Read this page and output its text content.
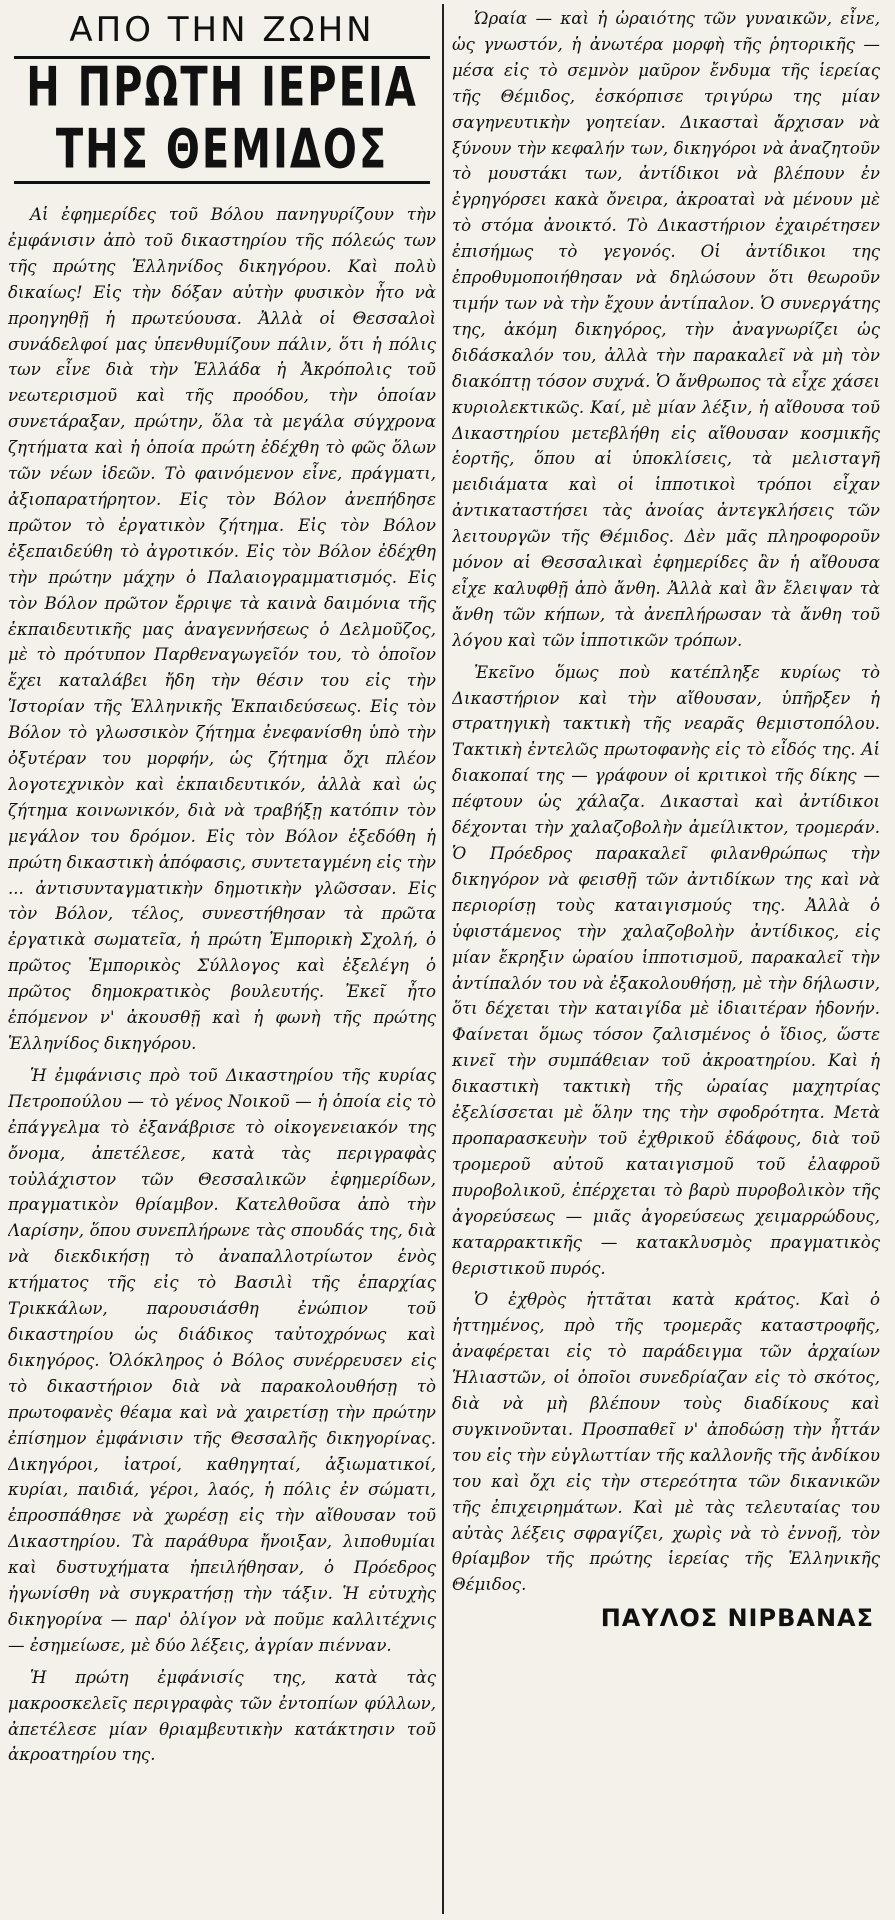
ΑΠΟ ΤΗΝ ΖΩΗΝ
Η ΠΡΩΤΗ ΙΕΡΕΙΑ ΤΗΣ ΘΕΜΙΔΟΣ

Αἱ ἐφημερίδες τοῦ Βόλου πανηγυρίζουν τὴν ἐμφάνισιν ἀπὸ τοῦ δικαστηρίου τῆς πόλεώς των τῆς πρώτης Ἑλληνίδος δικηγόρου. Καὶ πολὺ δικαίως! Εἰς τὴν δόξαν αὐτὴν φυσικὸν ἦτο νὰ προηγηθῇ ἡ πρωτεύουσα. Ἀλλὰ οἱ Θεσσαλοὶ συνάδελφοί μας ὑπενθυμίζουν πάλιν, ὅτι ἡ πόλις των εἶνε διὰ τὴν Ἑλλάδα ἡ Ἀκρόπολις τοῦ νεωτερισμοῦ καὶ τῆς προόδου, τὴν ὁποίαν συνετάραξαν, πρώτην, ὅλα τὰ μεγάλα σύγχρονα ζητήματα καὶ ἡ ὁποία πρώτη ἐδέχθη τὸ φῶς ὅλων τῶν νέων ἰδεῶν. Τὸ φαινόμενον εἶνε, πράγματι, ἀξιοπαρατήρητον. Εἰς τὸν Βόλον ἀνεπήδησε πρῶτον τὸ ἐργατικὸν ζήτημα. Εἰς τὸν Βόλον ἐξεπαιδεύθη τὸ ἀγροτικόν. Εἰς τὸν Βόλον ἐδέχθη τὴν πρώτην μάχην ὁ Παλαιογραμματισμός. Εἰς τὸν Βόλον πρῶτον ἔρριψε τὰ καινὰ δαιμόνια τῆς ἐκπαιδευτικῆς μας ἀναγεννήσεως ὁ Δελμοῦζος, μὲ τὸ πρότυπον Παρθεναγωγεῖόν του, τὸ ὁποῖον ἔχει καταλάβει ἤδη τὴν θέσιν του εἰς τὴν Ἱστορίαν τῆς Ἑλληνικῆς Ἐκπαιδεύσεως. Εἰς τὸν Βόλον τὸ γλωσσικὸν ζήτημα ἐνεφανίσθη ὑπὸ τὴν ὀξυτέραν του μορφήν, ὡς ζήτημα ὄχι πλέον λογοτεχνικὸν καὶ ἐκπαιδευτικόν, ἀλλὰ καὶ ὡς ζήτημα κοινωνικόν, διὰ νὰ τραβήξῃ κατόπιν τὸν μεγάλον του δρόμον. Εἰς τὸν Βόλον ἐξεδόθη ἡ πρώτη δικαστικὴ ἀπόφασις, συντεταγμένη εἰς τὴν ... ἀντισυνταγματικὴν δημοτικὴν γλῶσσαν. Εἰς τὸν Βόλον, τέλος, συνεστήθησαν τὰ πρῶτα ἐργατικὰ σωματεῖα, ἡ πρώτη Ἐμπορικὴ Σχολή, ὁ πρῶτος Ἐμπορικὸς Σύλλογος καὶ ἐξελέγη ὁ πρῶτος δημοκρατικὸς βουλευτής. Ἐκεῖ ἦτο ἑπόμενον ν' ἀκουσθῇ καὶ ἡ φωνὴ τῆς πρώτης Ἑλληνίδος δικηγόρου.

Ἡ ἐμφάνισις πρὸ τοῦ Δικαστηρίου τῆς κυρίας Πετροπούλου — τὸ γένος Νοικοῦ — ἡ ὁποία εἰς τὸ ἐπάγγελμα τὸ ἐξανάβρισε τὸ οἰκογενειακόν της ὄνομα, ἀπετέλεσε, κατὰ τὰς περιγραφὰς τοὐλάχιστον τῶν Θεσσαλικῶν ἐφημερίδων, πραγματικὸν θρίαμβον. Κατελθοῦσα ἀπὸ τὴν Λαρίσην, ὅπου συνεπλήρωνε τὰς σπουδάς της, διὰ νὰ διεκδικήσῃ τὸ ἀναπαλλοτρίωτον ἑνὸς κτήματος τῆς εἰς τὸ Βασιλὶ τῆς ἐπαρχίας Τρικκάλων, παρουσιάσθη ἐνώπιον τοῦ δικαστηρίου ὡς διάδικος ταὐτοχρόνως καὶ δικηγόρος. Ὁλόκληρος ὁ Βόλος συνέρρευσεν εἰς τὸ δικαστήριον διὰ νὰ παρακολουθήσῃ τὸ πρωτοφανὲς θέαμα καὶ νὰ χαιρετίσῃ τὴν πρώτην ἐπίσημον ἐμφάνισιν τῆς Θεσσαλῆς δικηγορίνας. Δικηγόροι, ἰατροί, καθηγηταί, ἀξιωματικοί, κυρίαι, παιδιά, γέροι, λαός, ἡ πόλις ἐν σώματι, ἐπροσπάθησε νὰ χωρέσῃ εἰς τὴν αἴθουσαν τοῦ Δικαστηρίου. Τὰ παράθυρα ἤνοιξαν, λιποθυμίαι καὶ δυστυχήματα ἠπειλήθησαν, ὁ Πρόεδρος ἠγωνίσθη νὰ συγκρατήσῃ τὴν τάξιν. Ἡ εὐτυχὴς δικηγορίνα — παρ' ὀλίγον νὰ ποῦμε καλλιτέχνις — ἐσημείωσε, μὲ δύο λέξεις, ἀγρίαν πιένναν.

Ἡ πρώτη ἐμφάνισίς της, κατὰ τὰς μακροσκελεῖς περιγραφὰς τῶν ἐντοπίων φύλλων, ἀπετέλεσε μίαν θριαμβευτικὴν κατάκτησιν τοῦ ἀκροατηρίου της.

Ὡραία — καὶ ἡ ὡραιότης τῶν γυναικῶν, εἶνε, ὡς γνωστόν, ἡ ἀνωτέρα μορφὴ τῆς ῥητορικῆς — μέσα εἰς τὸ σεμνὸν μαῦρον ἔνδυμα τῆς ἱερείας τῆς Θέμιδος, ἐσκόρπισε τριγύρω της μίαν σαγηνευτικὴν γοητείαν. Δικασταὶ ἄρχισαν νὰ ξύνουν τὴν κεφαλήν των, δικηγόροι νὰ ἀναζητοῦν τὸ μουστάκι των, ἀντίδικοι νὰ βλέπουν ἐν ἐγρηγόρσει κακὰ ὄνειρα, ἀκροαταὶ νὰ μένουν μὲ τὸ στόμα ἀνοικτό. Τὸ Δικαστήριον ἐχαιρέτησεν ἐπισήμως τὸ γεγονός. Οἱ ἀντίδικοι της ἐπροθυμοποιήθησαν νὰ δηλώσουν ὅτι θεωροῦν τιμήν των νὰ τὴν ἔχουν ἀντίπαλον. Ὁ συνεργάτης της, ἀκόμη δικηγόρος, τὴν ἀναγνωρίζει ὡς διδάσκαλόν του, ἀλλὰ τὴν παρακαλεῖ νὰ μὴ τὸν διακόπτῃ τόσον συχνά. Ὁ ἄνθρωπος τὰ εἶχε χάσει κυριολεκτικῶς. Καί, μὲ μίαν λέξιν, ἡ αἴθουσα τοῦ Δικαστηρίου μετεβλήθη εἰς αἴθουσαν κοσμικῆς ἑορτῆς, ὅπου αἱ ὑποκλίσεις, τὰ μελισταγῆ μειδιάματα καὶ οἱ ἱπποτικοὶ τρόποι εἶχαν ἀντικαταστήσει τὰς ἀνοίας ἀντεγκλήσεις τῶν λειτουργῶν τῆς Θέμιδος. Δὲν μᾶς πληροφοροῦν μόνον αἱ Θεσσαλικαὶ ἐφημερίδες ἂν ἡ αἴθουσα εἶχε καλυφθῇ ἀπὸ ἄνθη. Ἀλλὰ καὶ ἂν ἔλειψαν τὰ ἄνθη τῶν κήπων, τὰ ἀνεπλήρωσαν τὰ ἄνθη τοῦ λόγου καὶ τῶν ἱπποτικῶν τρόπων.

Ἐκεῖνο ὅμως ποὺ κατέπληξε κυρίως τὸ Δικαστήριον καὶ τὴν αἴθουσαν, ὑπῆρξεν ἡ στρατηγικὴ τακτικὴ τῆς νεαρᾶς θεμιστοπόλου. Τακτικὴ ἐντελῶς πρωτοφανὴς εἰς τὸ εἶδός της. Αἱ διακοπαί της — γράφουν οἱ κριτικοὶ τῆς δίκης — πέφτουν ὡς χάλαζα. Δικασταὶ καὶ ἀντίδικοι δέχονται τὴν χαλαζοβολὴν ἀμείλικτον, τρομεράν. Ὁ Πρόεδρος παρακαλεῖ φιλανθρώπως τὴν δικηγόρον νὰ φεισθῇ τῶν ἀντιδίκων της καὶ νὰ περιορίσῃ τοὺς καταιγισμούς της. Ἀλλὰ ὁ ὑφιστάμενος τὴν χαλαζοβολὴν ἀντίδικος, εἰς μίαν ἔκρηξιν ὡραίου ἱπποτισμοῦ, παρακαλεῖ τὴν ἀντίπαλόν του νὰ ἐξακολουθήσῃ, μὲ τὴν δήλωσιν, ὅτι δέχεται τὴν καταιγίδα μὲ ἰδιαιτέραν ἡδονήν. Φαίνεται ὅμως τόσον ζαλισμένος ὁ ἴδιος, ὥστε κινεῖ τὴν συμπάθειαν τοῦ ἀκροατηρίου. Καὶ ἡ δικαστικὴ τακτικὴ τῆς ὡραίας μαχητρίας ἐξελίσσεται μὲ ὅλην της τὴν σφοδρότητα. Μετὰ προπαρασκευὴν τοῦ ἐχθρικοῦ ἐδάφους, διὰ τοῦ τρομεροῦ αὐτοῦ καταιγισμοῦ τοῦ ἐλαφροῦ πυροβολικοῦ, ἐπέρχεται τὸ βαρὺ πυροβολικὸν τῆς ἀγορεύσεως — μιᾶς ἀγορεύσεως χειμαρρώδους, καταρρακτικῆς — κατακλυσμὸς πραγματικὸς θεριστικοῦ πυρός.

Ὁ ἐχθρὸς ἡττᾶται κατὰ κράτος. Καὶ ὁ ἡττημένος, πρὸ τῆς τρομερᾶς καταστροφῆς, ἀναφέρεται εἰς τὸ παράδειγμα τῶν ἀρχαίων Ἡλιαστῶν, οἱ ὁποῖοι συνεδρίαζαν εἰς τὸ σκότος, διὰ νὰ μὴ βλέπουν τοὺς διαδίκους καὶ συγκινοῦνται. Προσπαθεῖ ν' ἀποδώσῃ τὴν ἧττάν του εἰς τὴν εὐγλωττίαν τῆς καλλονῆς τῆς ἀνδίκου του καὶ ὄχι εἰς τὴν στερεότητα τῶν δικανικῶν τῆς ἐπιχειρημάτων. Καὶ μὲ τὰς τελευταίας του αὐτὰς λέξεις σφραγίζει, χωρὶς νὰ τὸ ἐννοῇ, τὸν θρίαμβον τῆς πρώτης ἱερείας τῆς Ἑλληνικῆς Θέμιδος.

ΠΑΥΛΟΣ ΝΙΡΒΑΝΑΣ
